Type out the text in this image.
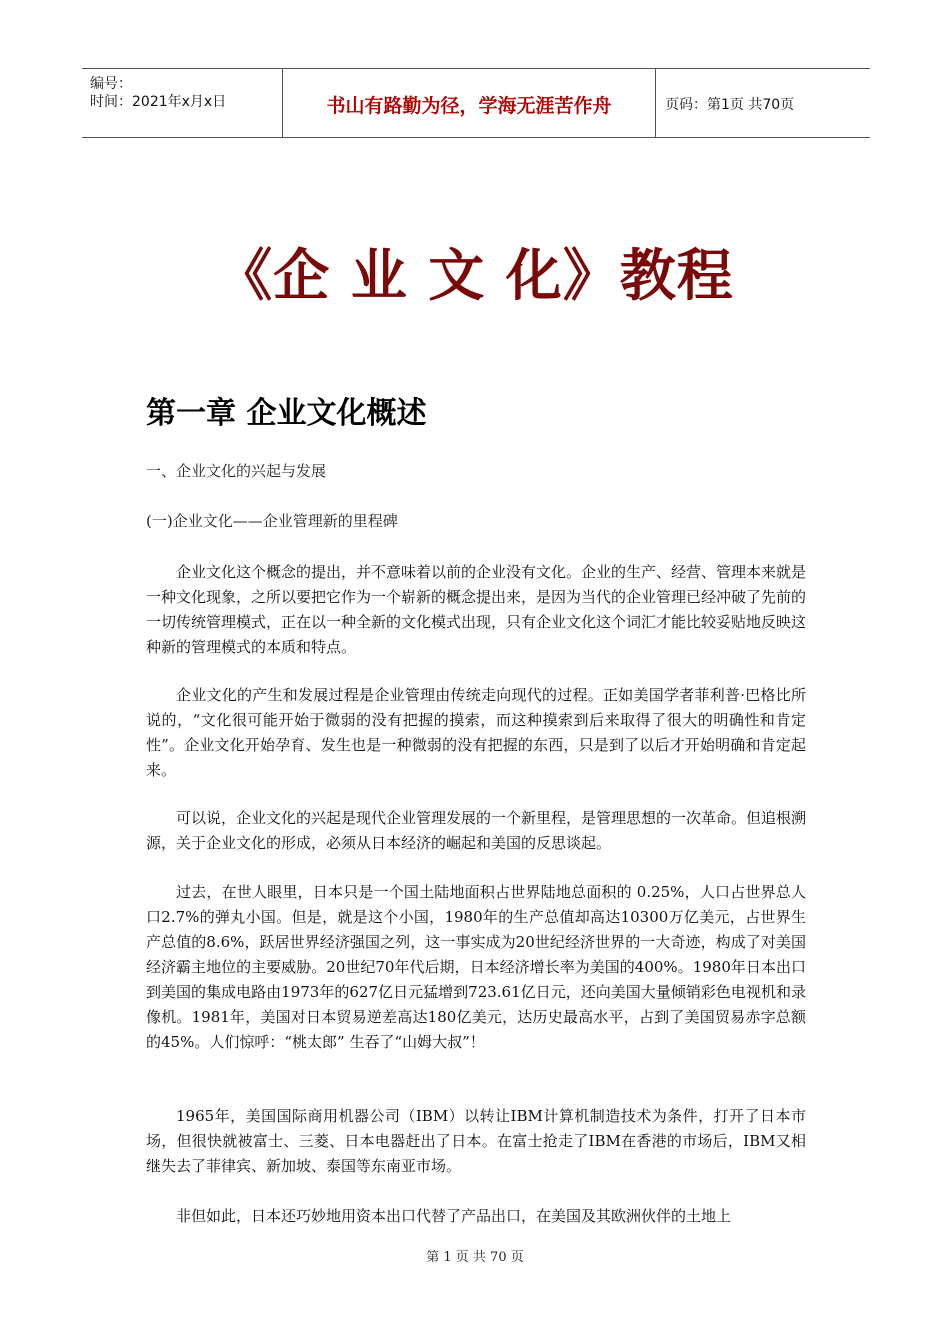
编号：
时间：2021年x月x日	书山有路勤为径，学海无涯苦作舟	页码：第1页 共70页
《企 业 文 化》教程
第一章 企业文化概述
一、企业文化的兴起与发展
(一)企业文化——企业管理新的里程碑

企业文化这个概念的提出，并不意味着以前的企业没有文化。企业的生产、经营、管理本来就是一种文化现象，之所以要把它作为一个崭新的概念提出来，是因为当代的企业管理已经冲破了先前的一切传统管理模式，正在以一种全新的文化模式出现，只有企业文化这个词汇才能比较妥贴地反映这种新的管理模式的本质和特点。

企业文化的产生和发展过程是企业管理由传统走向现代的过程。正如美国学者菲利普·巴格比所说的，“文化很可能开始于微弱的没有把握的摸索，而这种摸索到后来取得了很大的明确性和肯定性”。企业文化开始孕育、发生也是一种微弱的没有把握的东西，只是到了以后才开始明确和肯定起来。

可以说，企业文化的兴起是现代企业管理发展的一个新里程，是管理思想的一次革命。但追根溯源，关于企业文化的形成，必须从日本经济的崛起和美国的反思谈起。

过去，在世人眼里，日本只是一个国土陆地面积占世界陆地总面积的 0.25%，人口占世界总人口2.7%的弹丸小国。但是，就是这个小国，1980年的生产总值却高达10300万亿美元，占世界生产总值的8.6%，跃居世界经济强国之列，这一事实成为20世纪经济世界的一大奇迹，构成了对美国经济霸主地位的主要威胁。20世纪70年代后期，日本经济增长率为美国的400%。1980年日本出口到美国的集成电路由1973年的627亿日元猛增到723.61亿日元，还向美国大量倾销彩色电视机和录像机。1981年，美国对日本贸易逆差高达180亿美元，达历史最高水平，占到了美国贸易赤字总额的45%。人们惊呼：“桃太郎” 生吞了“山姆大叔”！

1965年，美国国际商用机器公司（IBM）以转让IBM计算机制造技术为条件，打开了日本市场，但很快就被富士、三菱、日本电器赶出了日本。在富士抢走了IBM在香港的市场后，IBM又相继失去了菲律宾、新加坡、泰国等东南亚市场。

非但如此，日本还巧妙地用资本出口代替了产品出口，在美国及其欧洲伙伴的土地上

第 1 页 共 70 页
